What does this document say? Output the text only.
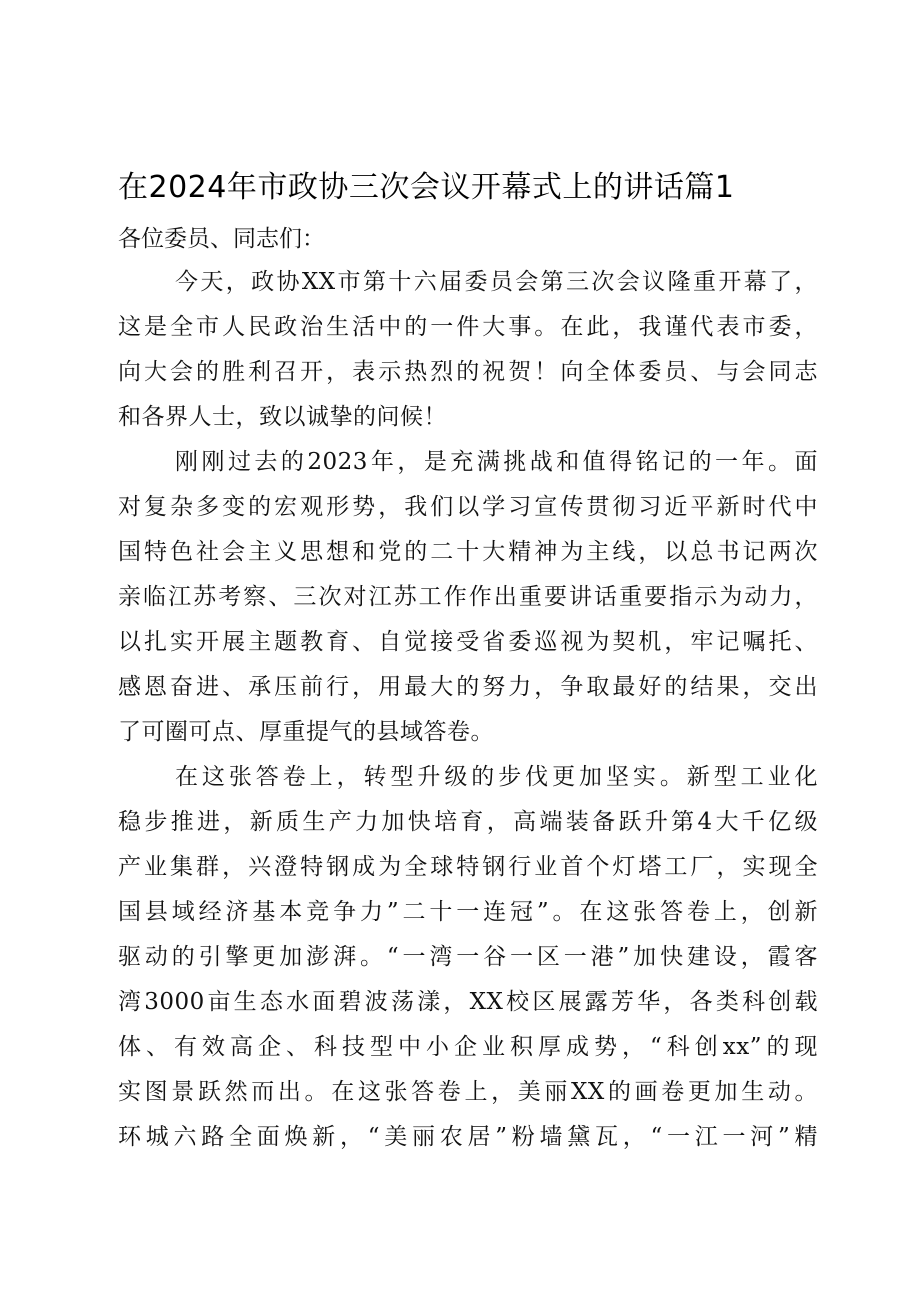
在2024年市政协三次会议开幕式上的讲话篇1

各位委员、同志们：

今天，政协XX市第十六届委员会第三次会议隆重开幕了，
这是全市人民政治生活中的一件大事。在此，我谨代表市委，
向大会的胜利召开，表示热烈的祝贺！向全体委员、与会同志
和各界人士，致以诚挚的问候！

刚刚过去的2023年，是充满挑战和值得铭记的一年。面
对复杂多变的宏观形势，我们以学习宣传贯彻习近平新时代中
国特色社会主义思想和党的二十大精神为主线，以总书记两次
亲临江苏考察、三次对江苏工作作出重要讲话重要指示为动力，
以扎实开展主题教育、自觉接受省委巡视为契机，牢记嘱托、
感恩奋进、承压前行，用最大的努力，争取最好的结果，交出
了可圈可点、厚重提气的县域答卷。

在这张答卷上，转型升级的步伐更加坚实。新型工业化
稳步推进，新质生产力加快培育，高端装备跃升第4大千亿级
产业集群，兴澄特钢成为全球特钢行业首个灯塔工厂，实现全
国县域经济基本竞争力”二十一连冠”。在这张答卷上，创新
驱动的引擎更加澎湃。“一湾一谷一区一港”加快建设，霞客
湾3000亩生态水面碧波荡漾，XX校区展露芳华，各类科创载
体、有效高企、科技型中小企业积厚成势，“科创xx”的现
实图景跃然而出。在这张答卷上，美丽XX的画卷更加生动。
环城六路全面焕新，“美丽农居”粉墙黛瓦，“一江一河”精
